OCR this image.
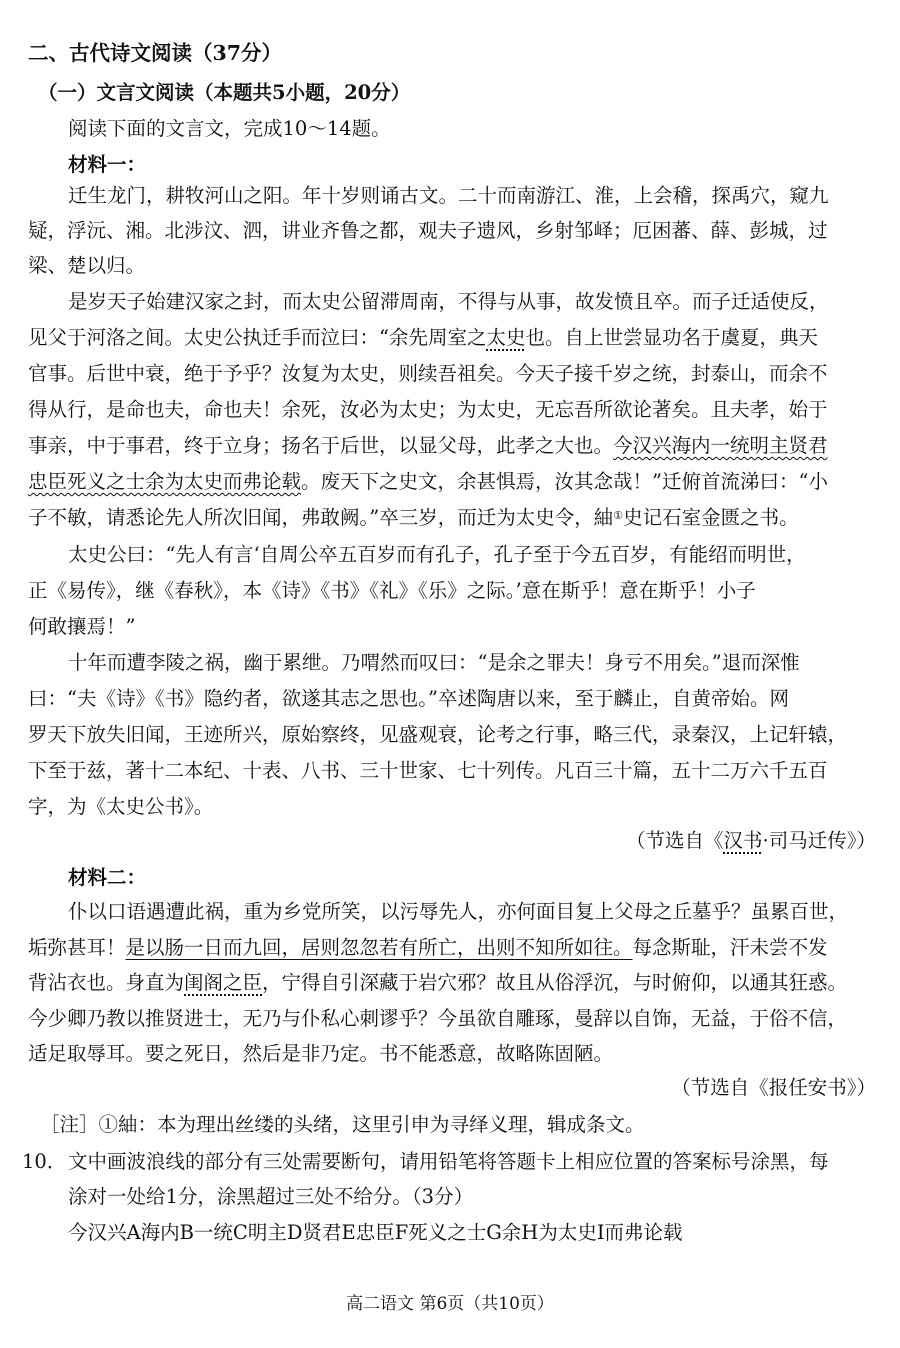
二、古代诗文阅读（37分）
（一）文言文阅读（本题共5小题，20分）
阅读下面的文言文，完成10～14题。
材料一：
迁生龙门，耕牧河山之阳。年十岁则诵古文。二十而南游江、淮，上会稽，探禹穴，窥九
疑，浮沅、湘。北涉汶、泗，讲业齐鲁之都，观夫子遗风，乡射邹峄；厄困蕃、薛、彭城，过
梁、楚以归。
是岁天子始建汉家之封，而太史公留滞周南，不得与从事，故发愤且卒。而子迁适使反，
见父于河洛之间。太史公执迁手而泣曰：“余先周室之太史也。自上世尝显功名于虞夏，典天
官事。后世中衰，绝于予乎？汝复为太史，则续吾祖矣。今天子接千岁之统，封泰山，而余不
得从行，是命也夫，命也夫！余死，汝必为太史；为太史，无忘吾所欲论著矣。且夫孝，始于
事亲，中于事君，终于立身；扬名于后世，以显父母，此孝之大也。今汉兴海内一统明主贤君
忠臣死义之士余为太史而弗论载。废天下之史文，余甚惧焉，汝其念哉！”迁俯首流涕曰：“小
子不敏，请悉论先人所次旧闻，弗敢阙。”卒三岁，而迁为太史令，紬①史记石室金匮之书。
太史公曰：“先人有言‘自周公卒五百岁而有孔子，孔子至于今五百岁，有能绍而明世，
正《易传》，继《春秋》，本《诗》《书》《礼》《乐》之际。’意在斯乎！意在斯乎！小子
何敢攘焉！”
十年而遭李陵之祸，幽于累绁。乃喟然而叹曰：“是余之罪夫！身亏不用矣。”退而深惟
曰：“夫《诗》《书》隐约者，欲遂其志之思也。”卒述陶唐以来，至于麟止，自黄帝始。网
罗天下放失旧闻，王迹所兴，原始察终，见盛观衰，论考之行事，略三代，录秦汉，上记轩辕，
下至于兹，著十二本纪、十表、八书、三十世家、七十列传。凡百三十篇，五十二万六千五百
字，为《太史公书》。
（节选自《汉书·司马迁传》）
材料二：
仆以口语遇遭此祸，重为乡党所笑，以污辱先人，亦何面目复上父母之丘墓乎？虽累百世，
垢弥甚耳！是以肠一日而九回，居则忽忽若有所亡，出则不知所如往。每念斯耻，汗未尝不发
背沾衣也。身直为闺阁之臣，宁得自引深藏于岩穴邪？故且从俗浮沉，与时俯仰，以通其狂惑。
今少卿乃教以推贤进士，无乃与仆私心刺谬乎？今虽欲自雕琢，曼辞以自饰，无益，于俗不信，
适足取辱耳。要之死日，然后是非乃定。书不能悉意，故略陈固陋。
（节选自《报任安书》）
［注］①紬：本为理出丝缕的头绪，这里引申为寻绎义理，辑成条文。
10． 文中画波浪线的部分有三处需要断句，请用铅笔将答题卡上相应位置的答案标号涂黑，每
涂对一处给1分，涂黑超过三处不给分。（3分）
今汉兴A海内B一统C明主D贤君E忠臣F死义之士G余H为太史I而弗论载
高二语文 第6页（共10页）
